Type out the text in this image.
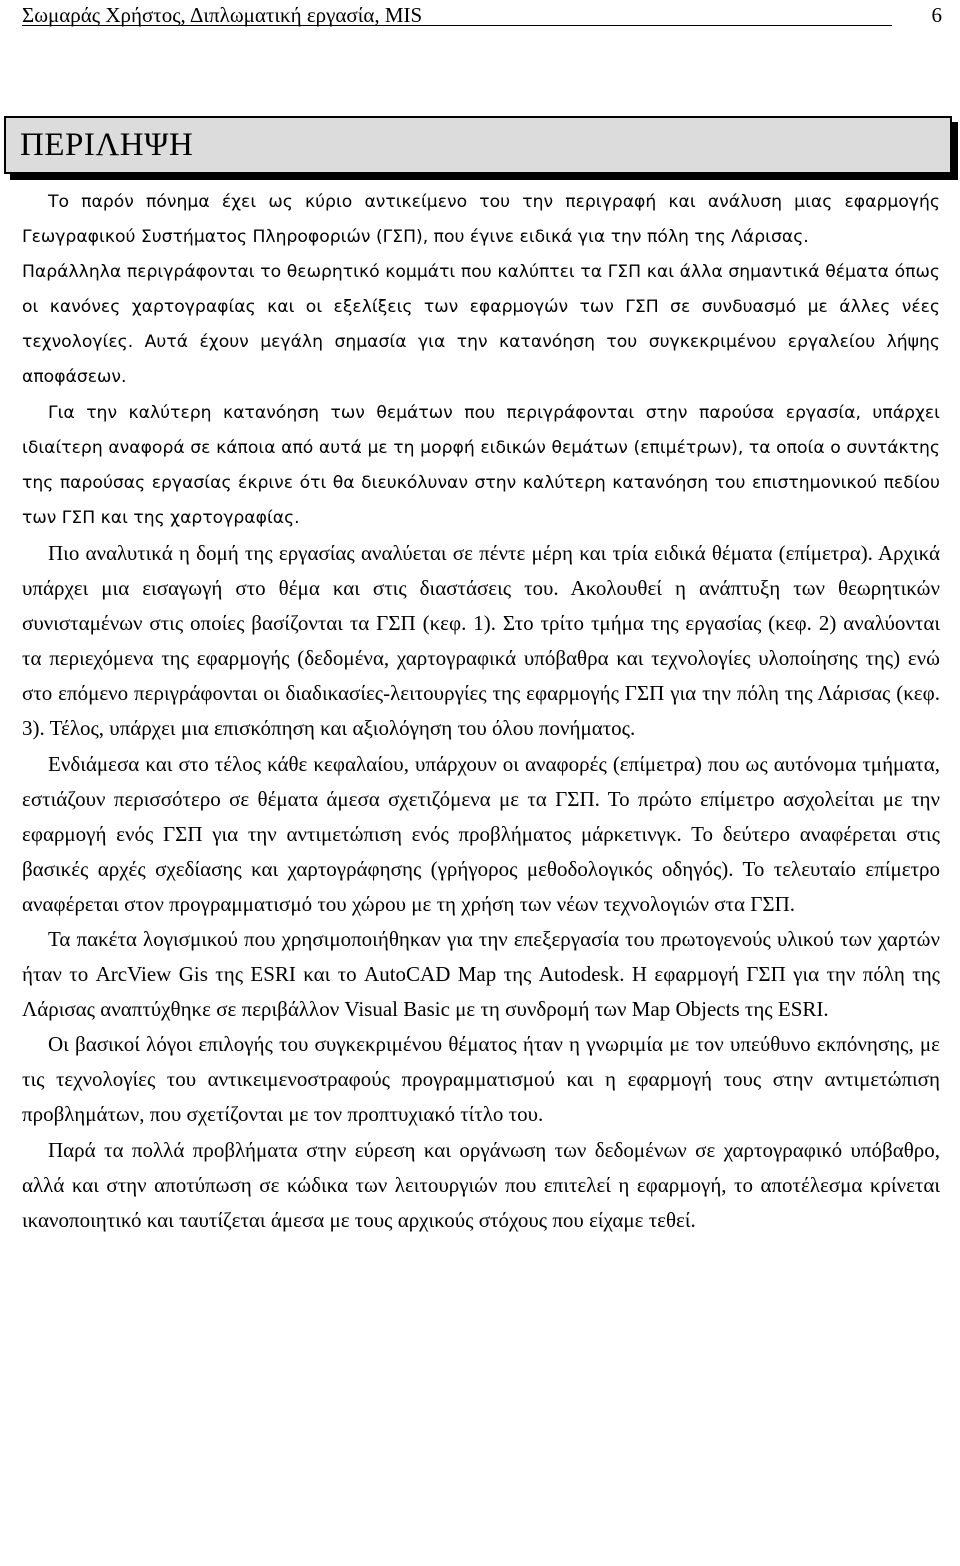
Σωμαράς Χρήστος, Διπλωματική εργασία, MIS	6
ΠΕΡΙΛΗΨΗ

Το παρόν πόνημα έχει ως κύριο αντικείμενο του την περιγραφή και ανάλυση μιας εφαρμογής Γεωγραφικού Συστήματος Πληροφοριών (ΓΣΠ), που έγινε ειδικά για την πόλη της Λάρισας.

Παράλληλα περιγράφονται το θεωρητικό κομμάτι που καλύπτει τα ΓΣΠ και άλλα σημαντικά θέματα όπως οι κανόνες χαρτογραφίας και οι εξελίξεις των εφαρμογών των ΓΣΠ σε συνδυασμό με άλλες νέες τεχνολογίες. Αυτά έχουν μεγάλη σημασία για την κατανόηση του συγκεκριμένου εργαλείου λήψης αποφάσεων.

Για την καλύτερη κατανόηση των θεμάτων που περιγράφονται στην παρούσα εργασία, υπάρχει ιδιαίτερη αναφορά σε κάποια από αυτά με τη μορφή ειδικών θεμάτων (επιμέτρων), τα οποία ο συντάκτης της παρούσας εργασίας έκρινε ότι θα διευκόλυναν στην καλύτερη κατανόηση του επιστημονικού πεδίου των ΓΣΠ και της χαρτογραφίας.

Πιο αναλυτικά η δομή της εργασίας αναλύεται σε πέντε μέρη και τρία ειδικά θέματα (επίμετρα). Αρχικά υπάρχει μια εισαγωγή στο θέμα και στις διαστάσεις του. Ακολουθεί η ανάπτυξη των θεωρητικών συνισταμένων στις οποίες βασίζονται τα ΓΣΠ (κεφ. 1). Στο τρίτο τμήμα της εργασίας (κεφ. 2) αναλύονται τα περιεχόμενα της εφαρμογής (δεδομένα, χαρτογραφικά υπόβαθρα και τεχνολογίες υλοποίησης της) ενώ στο επόμενο περιγράφονται οι διαδικασίες-λειτουργίες της εφαρμογής ΓΣΠ για την πόλη της Λάρισας (κεφ. 3). Τέλος, υπάρχει μια επισκόπηση και αξιολόγηση του όλου πονήματος.

Ενδιάμεσα και στο τέλος κάθε κεφαλαίου, υπάρχουν οι αναφορές (επίμετρα) που ως αυτόνομα τμήματα, εστιάζουν περισσότερο σε θέματα άμεσα σχετιζόμενα με τα ΓΣΠ. Το πρώτο επίμετρο ασχολείται με την εφαρμογή ενός ΓΣΠ για την αντιμετώπιση ενός προβλήματος μάρκετινγκ. Το δεύτερο αναφέρεται στις βασικές αρχές σχεδίασης και χαρτογράφησης (γρήγορος μεθοδολογικός οδηγός). Το τελευταίο επίμετρο αναφέρεται στον προγραμματισμό του χώρου με τη χρήση των νέων τεχνολογιών στα ΓΣΠ.

Τα πακέτα λογισμικού που χρησιμοποιήθηκαν για την επεξεργασία του πρωτογενούς υλικού των χαρτών ήταν το ArcView Gis της ESRI και το AutoCAD Map της Autodesk. Η εφαρμογή ΓΣΠ για την πόλη της Λάρισας αναπτύχθηκε σε περιβάλλον Visual Basic με τη συνδρομή των Map Objects της ESRI.

Οι βασικοί λόγοι επιλογής του συγκεκριμένου θέματος ήταν η γνωριμία με τον υπεύθυνο εκπόνησης, με τις τεχνολογίες του αντικειμενοστραφούς προγραμματισμού και η εφαρμογή τους στην αντιμετώπιση προβλημάτων, που σχετίζονται με τον προπτυχιακό τίτλο του.

Παρά τα πολλά προβλήματα στην εύρεση και οργάνωση των δεδομένων σε χαρτογραφικό υπόβαθρο, αλλά και στην αποτύπωση σε κώδικα των λειτουργιών που επιτελεί η εφαρμογή, το αποτέλεσμα κρίνεται ικανοποιητικό και ταυτίζεται άμεσα με τους αρχικούς στόχους που είχαμε τεθεί.
